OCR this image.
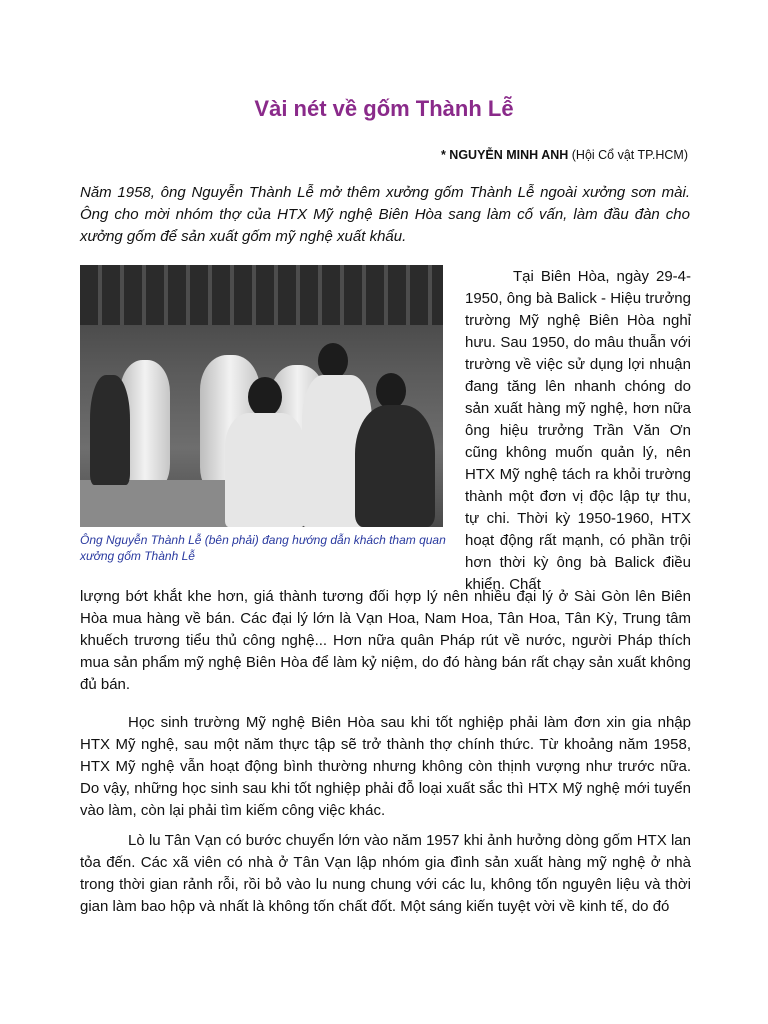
Vài nét về gốm Thành Lễ
* NGUYỄN MINH ANH (Hội Cổ vật TP.HCM)
Năm 1958, ông Nguyễn Thành Lễ mở thêm xưởng gốm Thành Lễ ngoài xưởng sơn mài. Ông cho mời nhóm thợ của HTX Mỹ nghệ Biên Hòa sang làm cố vấn, làm đầu đàn cho xưởng gốm để sản xuất gốm mỹ nghệ xuất khẩu.
Ông Nguyễn Thành Lễ (bên phải) đang hướng dẫn khách tham quan xưởng gốm Thành Lễ

Tại Biên Hòa, ngày 29-4-1950, ông bà Balick - Hiệu trưởng trường Mỹ nghệ Biên Hòa nghỉ hưu. Sau 1950, do mâu thuẫn với trường về việc sử dụng lợi nhuận đang tăng lên nhanh chóng do sản xuất hàng mỹ nghệ, hơn nữa ông hiệu trưởng Trần Văn Ơn cũng không muốn quản lý, nên HTX Mỹ nghệ tách ra khỏi trường thành một đơn vị độc lập tự thu, tự chi. Thời kỳ 1950-1960, HTX hoạt động rất mạnh, có phần trội hơn thời kỳ ông bà Balick điều khiển. Chất

lượng bớt khắt khe hơn, giá thành tương đối hợp lý nên nhiều đại lý ở Sài Gòn lên Biên Hòa mua hàng về bán. Các đại lý lớn là Vạn Hoa, Nam Hoa, Tân Hoa, Tân Kỳ, Trung tâm khuếch trương tiểu thủ công nghệ... Hơn nữa quân Pháp rút về nước, người Pháp thích mua sản phẩm mỹ nghệ Biên Hòa để làm kỷ niệm, do đó hàng bán rất chạy sản xuất không đủ bán.

Học sinh trường Mỹ nghệ Biên Hòa sau khi tốt nghiệp phải làm đơn xin gia nhập HTX Mỹ nghệ, sau một năm thực tập sẽ trở thành thợ chính thức. Từ khoảng năm 1958, HTX Mỹ nghệ vẫn hoạt động bình thường nhưng không còn thịnh vượng như trước nữa. Do vậy, những học sinh sau khi tốt nghiệp phải đỗ loại xuất sắc thì HTX Mỹ nghệ mới tuyển vào làm, còn lại phải tìm kiếm công việc khác.

Lò lu Tân Vạn có bước chuyển lớn vào năm 1957 khi ảnh hưởng dòng gốm HTX lan tỏa đến. Các xã viên có nhà ở Tân Vạn lập nhóm gia đình sản xuất hàng mỹ nghệ ở nhà trong thời gian rảnh rỗi, rồi bỏ vào lu nung chung với các lu, không tốn nguyên liệu và thời gian làm bao hộp và nhất là không tốn chất đốt. Một sáng kiến tuyệt vời về kinh tế, do đó
